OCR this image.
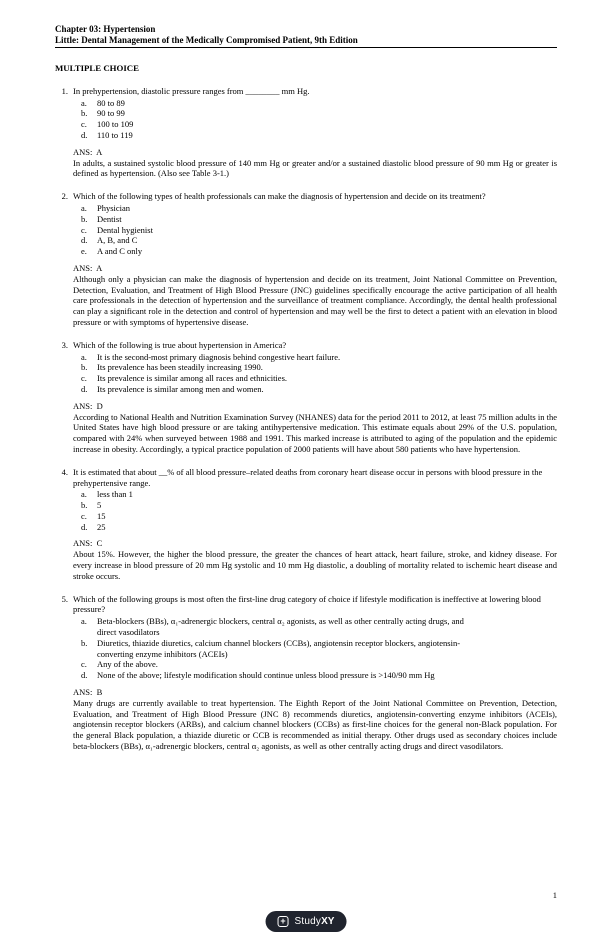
Chapter 03: Hypertension
Little: Dental Management of the Medically Compromised Patient, 9th Edition
MULTIPLE CHOICE
1. In prehypertension, diastolic pressure ranges from ________ mm Hg.
a.	80 to 89
b.	90 to 99
c.	100 to 109
d.	110 to 119
ANS:  A
In adults, a sustained systolic blood pressure of 140 mm Hg or greater and/or a sustained diastolic blood pressure of 90 mm Hg or greater is defined as hypertension. (Also see Table 3-1.)
2. Which of the following types of health professionals can make the diagnosis of hypertension and decide on its treatment?
a.	Physician
b.	Dentist
c.	Dental hygienist
d.	A, B, and C
e.	A and C only
ANS:  A
Although only a physician can make the diagnosis of hypertension and decide on its treatment, Joint National Committee on Prevention, Detection, Evaluation, and Treatment of High Blood Pressure (JNC) guidelines specifically encourage the active participation of all health care professionals in the detection of hypertension and the surveillance of treatment compliance. Accordingly, the dental health professional can play a significant role in the detection and control of hypertension and may well be the first to detect a patient with an elevation in blood pressure or with symptoms of hypertensive disease.
3. Which of the following is true about hypertension in America?
a.	It is the second-most primary diagnosis behind congestive heart failure.
b.	Its prevalence has been steadily increasing 1990.
c.	Its prevalence is similar among all races and ethnicities.
d.	Its prevalence is similar among men and women.
ANS:  D
According to National Health and Nutrition Examination Survey (NHANES) data for the period 2011 to 2012, at least 75 million adults in the United States have high blood pressure or are taking antihypertensive medication. This estimate equals about 29% of the U.S. population, compared with 24% when surveyed between 1988 and 1991. This marked increase is attributed to aging of the population and the epidemic increase in obesity. Accordingly, a typical practice population of 2000 patients will have about 580 patients who have hypertension.
4. It is estimated that about __% of all blood pressure–related deaths from coronary heart disease occur in persons with blood pressure in the prehypertensive range.
a.	less than 1
b.	5
c.	15
d.	25
ANS:  C
About 15%. However, the higher the blood pressure, the greater the chances of heart attack, heart failure, stroke, and kidney disease. For every increase in blood pressure of 20 mm Hg systolic and 10 mm Hg diastolic, a doubling of mortality related to ischemic heart disease and stroke occurs.
5. Which of the following groups is most often the first-line drug category of choice if lifestyle modification is ineffective at lowering blood pressure?
a.	Beta-blockers (BBs), α₁-adrenergic blockers, central α₂ agonists, as well as other centrally acting drugs, and direct vasodilators
b.	Diuretics, thiazide diuretics, calcium channel blockers (CCBs), angiotensin receptor blockers, angiotensin-converting enzyme inhibitors (ACEIs)
c.	Any of the above.
d.	None of the above; lifestyle modification should continue unless blood pressure is >140/90 mm Hg
ANS:  B
Many drugs are currently available to treat hypertension. The Eighth Report of the Joint National Committee on Prevention, Detection, Evaluation, and Treatment of High Blood Pressure (JNC 8) recommends diuretics, angiotensin-converting enzyme inhibitors (ACEIs), angiotensin receptor blockers (ARBs), and calcium channel blockers (CCBs) as first-line choices for the general non-Black population. For the general Black population, a thiazide diuretic or CCB is recommended as initial therapy. Other drugs used as secondary choices include beta-blockers (BBs), α₁-adrenergic blockers, central α₂ agonists, as well as other centrally acting drugs and direct vasodilators.
1
+ StudyXY
